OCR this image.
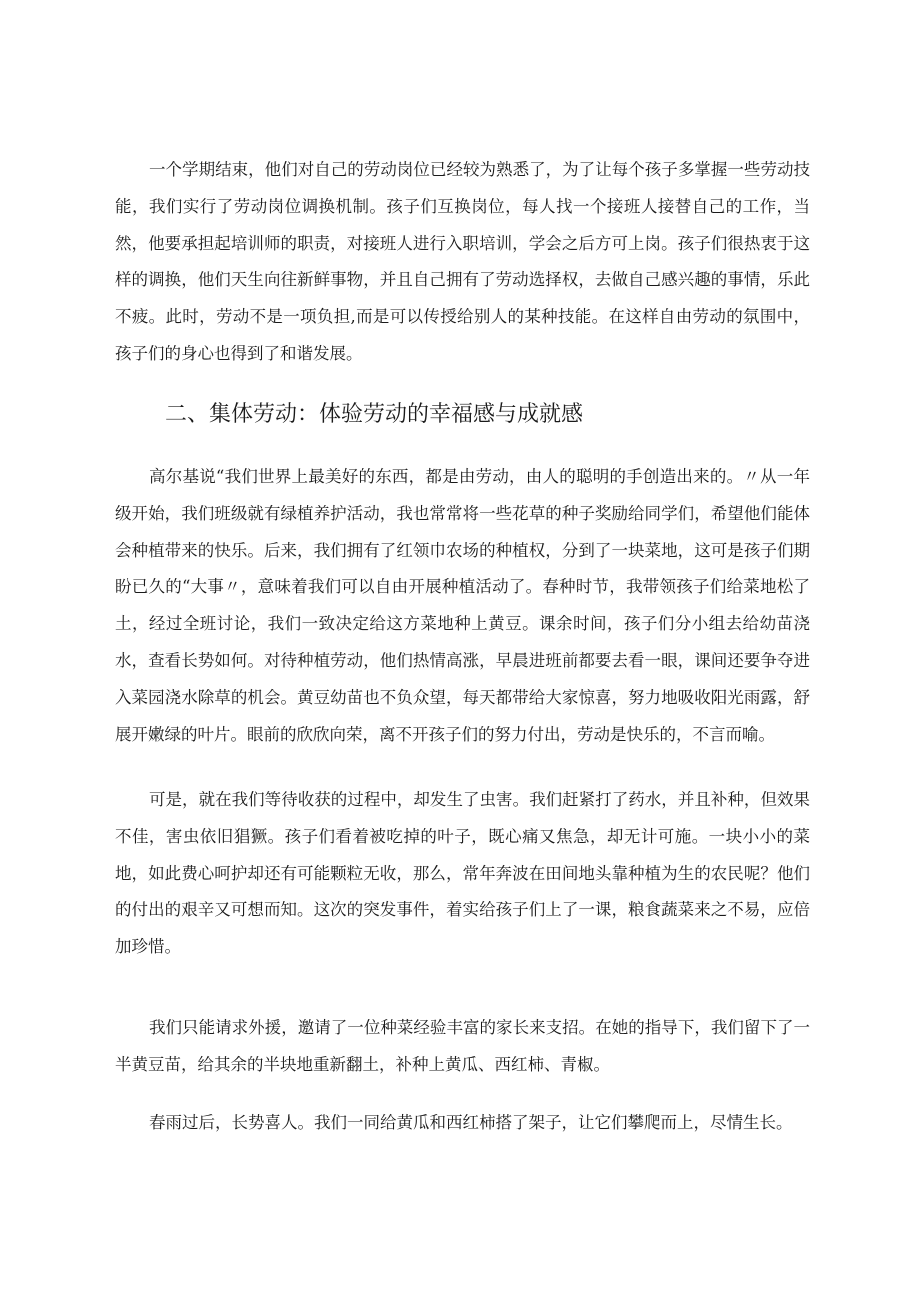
一个学期结束，他们对自己的劳动岗位已经较为熟悉了，为了让每个孩子多掌握一些劳动技能，我们实行了劳动岗位调换机制。孩子们互换岗位，每人找一个接班人接替自己的工作，当然，他要承担起培训师的职责，对接班人进行入职培训，学会之后方可上岗。孩子们很热衷于这样的调换，他们天生向往新鲜事物，并且自己拥有了劳动选择权，去做自己感兴趣的事情，乐此不疲。此时，劳动不是一项负担,而是可以传授给别人的某种技能。在这样自由劳动的氛围中，孩子们的身心也得到了和谐发展。

二、集体劳动：体验劳动的幸福感与成就感

高尔基说“我们世界上最美好的东西，都是由劳动，由人的聪明的手创造出来的。〃从一年级开始，我们班级就有绿植养护活动，我也常常将一些花草的种子奖励给同学们，希望他们能体会种植带来的快乐。后来，我们拥有了红领巾农场的种植权，分到了一块菜地，这可是孩子们期盼已久的“大事〃，意味着我们可以自由开展种植活动了。春种时节，我带领孩子们给菜地松了土，经过全班讨论，我们一致决定给这方菜地种上黄豆。课余时间，孩子们分小组去给幼苗浇水，查看长势如何。对待种植劳动，他们热情高涨，早晨进班前都要去看一眼，课间还要争夺进入菜园浇水除草的机会。黄豆幼苗也不负众望，每天都带给大家惊喜，努力地吸收阳光雨露，舒展开嫩绿的叶片。眼前的欣欣向荣，离不开孩子们的努力付出，劳动是快乐的，不言而喻。

可是，就在我们等待收获的过程中，却发生了虫害。我们赶紧打了药水，并且补种，但效果不佳，害虫依旧猖獗。孩子们看着被吃掉的叶子，既心痛又焦急，却无计可施。一块小小的菜地，如此费心呵护却还有可能颗粒无收，那么，常年奔波在田间地头靠种植为生的农民呢？他们的付出的艰辛又可想而知。这次的突发事件，着实给孩子们上了一课，粮食蔬菜来之不易，应倍加珍惜。

我们只能请求外援，邀请了一位种菜经验丰富的家长来支招。在她的指导下，我们留下了一半黄豆苗，给其余的半块地重新翻土，补种上黄瓜、西红柿、青椒。

春雨过后，长势喜人。我们一同给黄瓜和西红柿搭了架子，让它们攀爬而上，尽情生长。
